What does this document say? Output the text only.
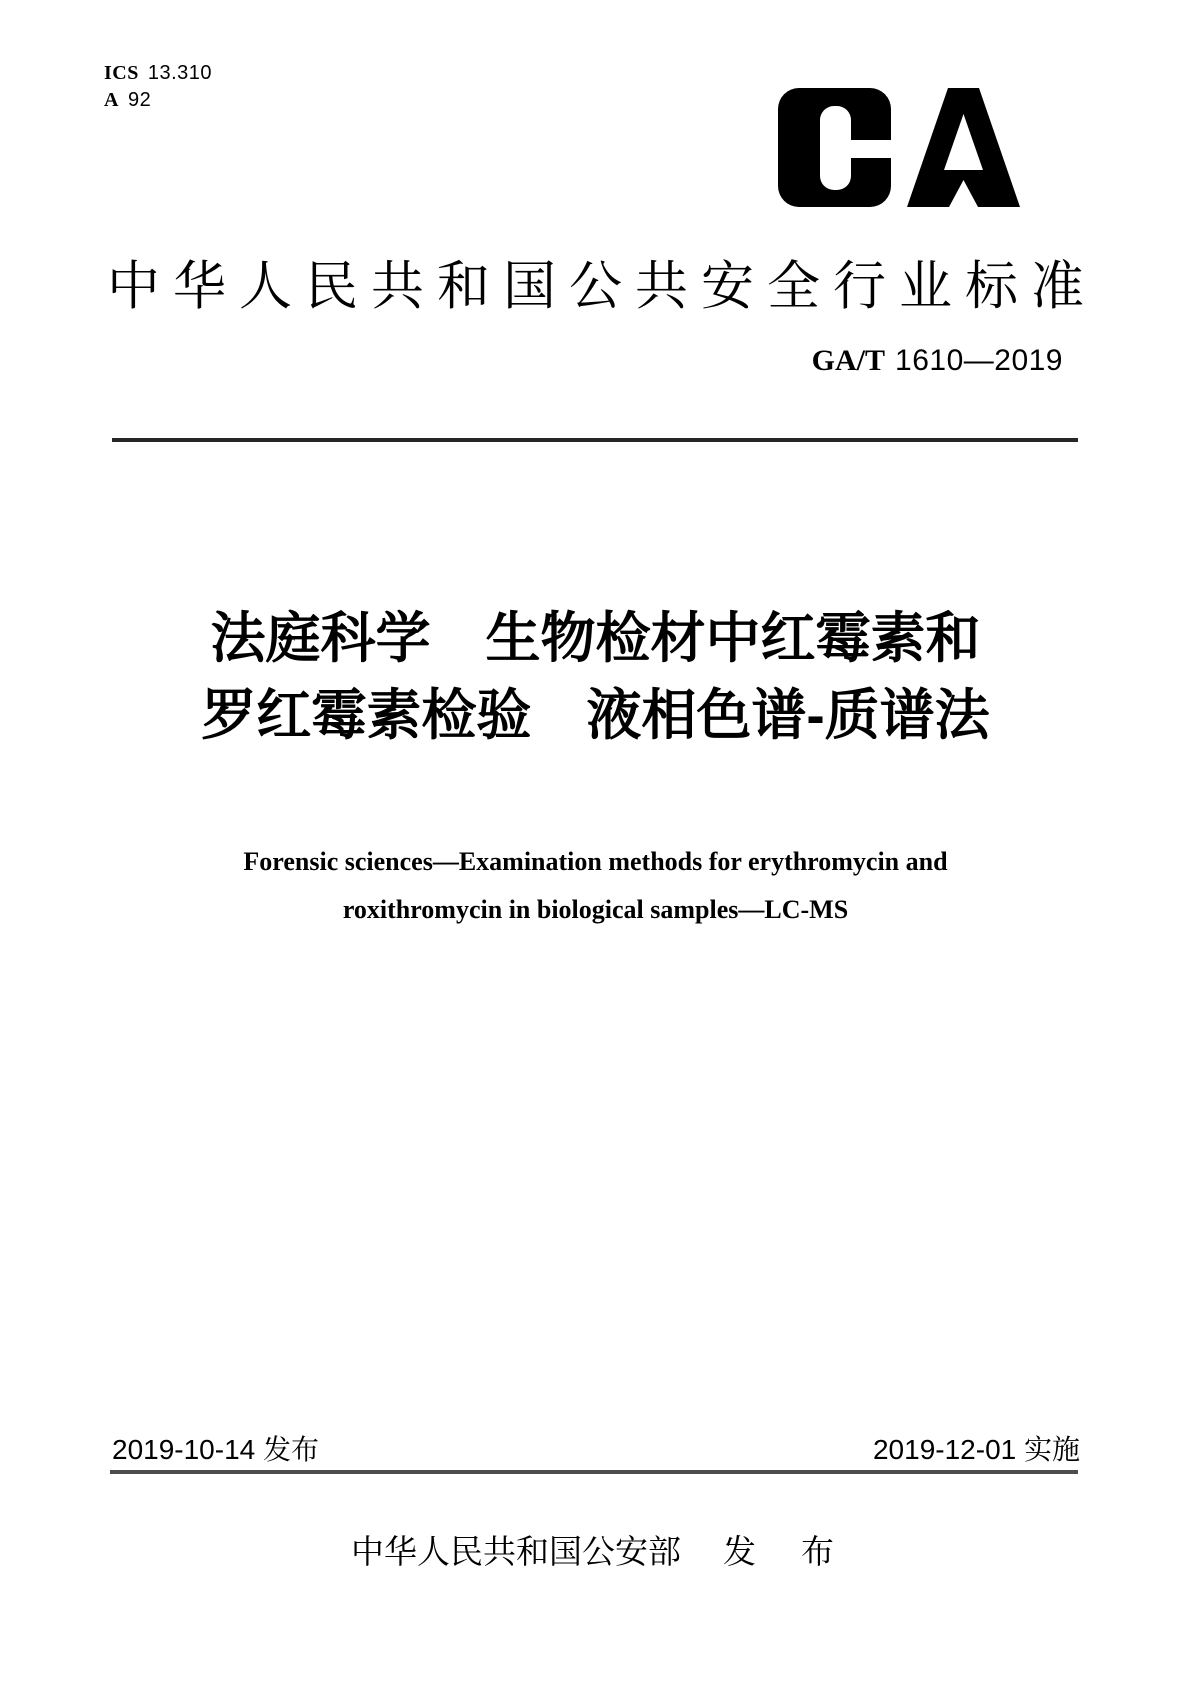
ICS 13.310
A 92
中华人民共和国公共安全行业标准
GA/T 1610—2019
法庭科学　生物检材中红霉素和
罗红霉素检验　液相色谱-质谱法
Forensic sciences—Examination methods for erythromycin and
roxithromycin in biological samples—LC-MS
2019-10-14 发布	2019-12-01 实施
中华人民共和国公安部 发　布
